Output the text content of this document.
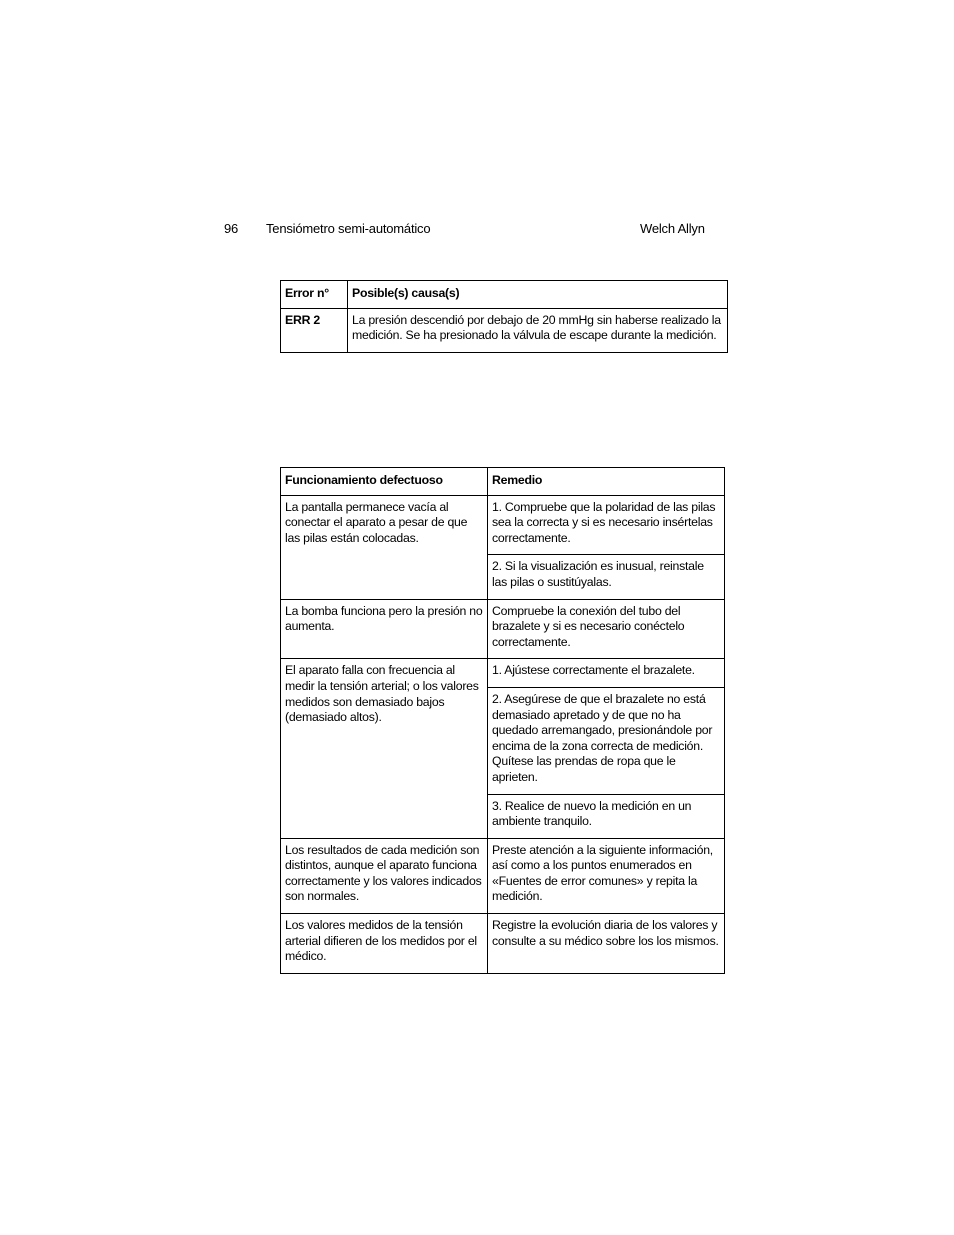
96 Tensiómetro semi-automático	Welch Allyn
Error n°	Posible(s) causa(s)
ERR 2	La presión descendió por debajo de 20 mmHg sin haberse realizado la medición. Se ha presionado la válvula de escape durante la medición.
Funcionamiento defectuoso	Remedio
La pantalla permanece vacía al conectar el aparato a pesar de que las pilas están colocadas.	1. Compruebe que la polaridad de las pilas sea la correcta y si es necesario insértelas correctamente.
	2. Si la visualización es inusual, reinstale las pilas o sustitúyalas.
La bomba funciona pero la presión no aumenta.	Compruebe la conexión del tubo del brazalete y si es necesario conéctelo correctamente.
El aparato falla con frecuencia al medir la tensión arterial; o los valores medidos son demasiado bajos (demasiado altos).	1. Ajústese correctamente el brazalete.
	2. Asegúrese de que el brazalete no está demasiado apretado y de que no ha quedado arremangado, presionándole por encima de la zona correcta de medición.
Quítese las prendas de ropa que le aprieten.
	3. Realice de nuevo la medición en un ambiente tranquilo.
Los resultados de cada medición son distintos, aunque el aparato funciona correctamente y los valores indicados son normales.	Preste atención a la siguiente información, así como a los puntos enumerados en «Fuentes de error comunes» y repita la medición.
Los valores medidos de la tensión arterial difieren de los medidos por el médico.	Registre la evolución diaria de los valores y consulte a su médico sobre los los mismos.
